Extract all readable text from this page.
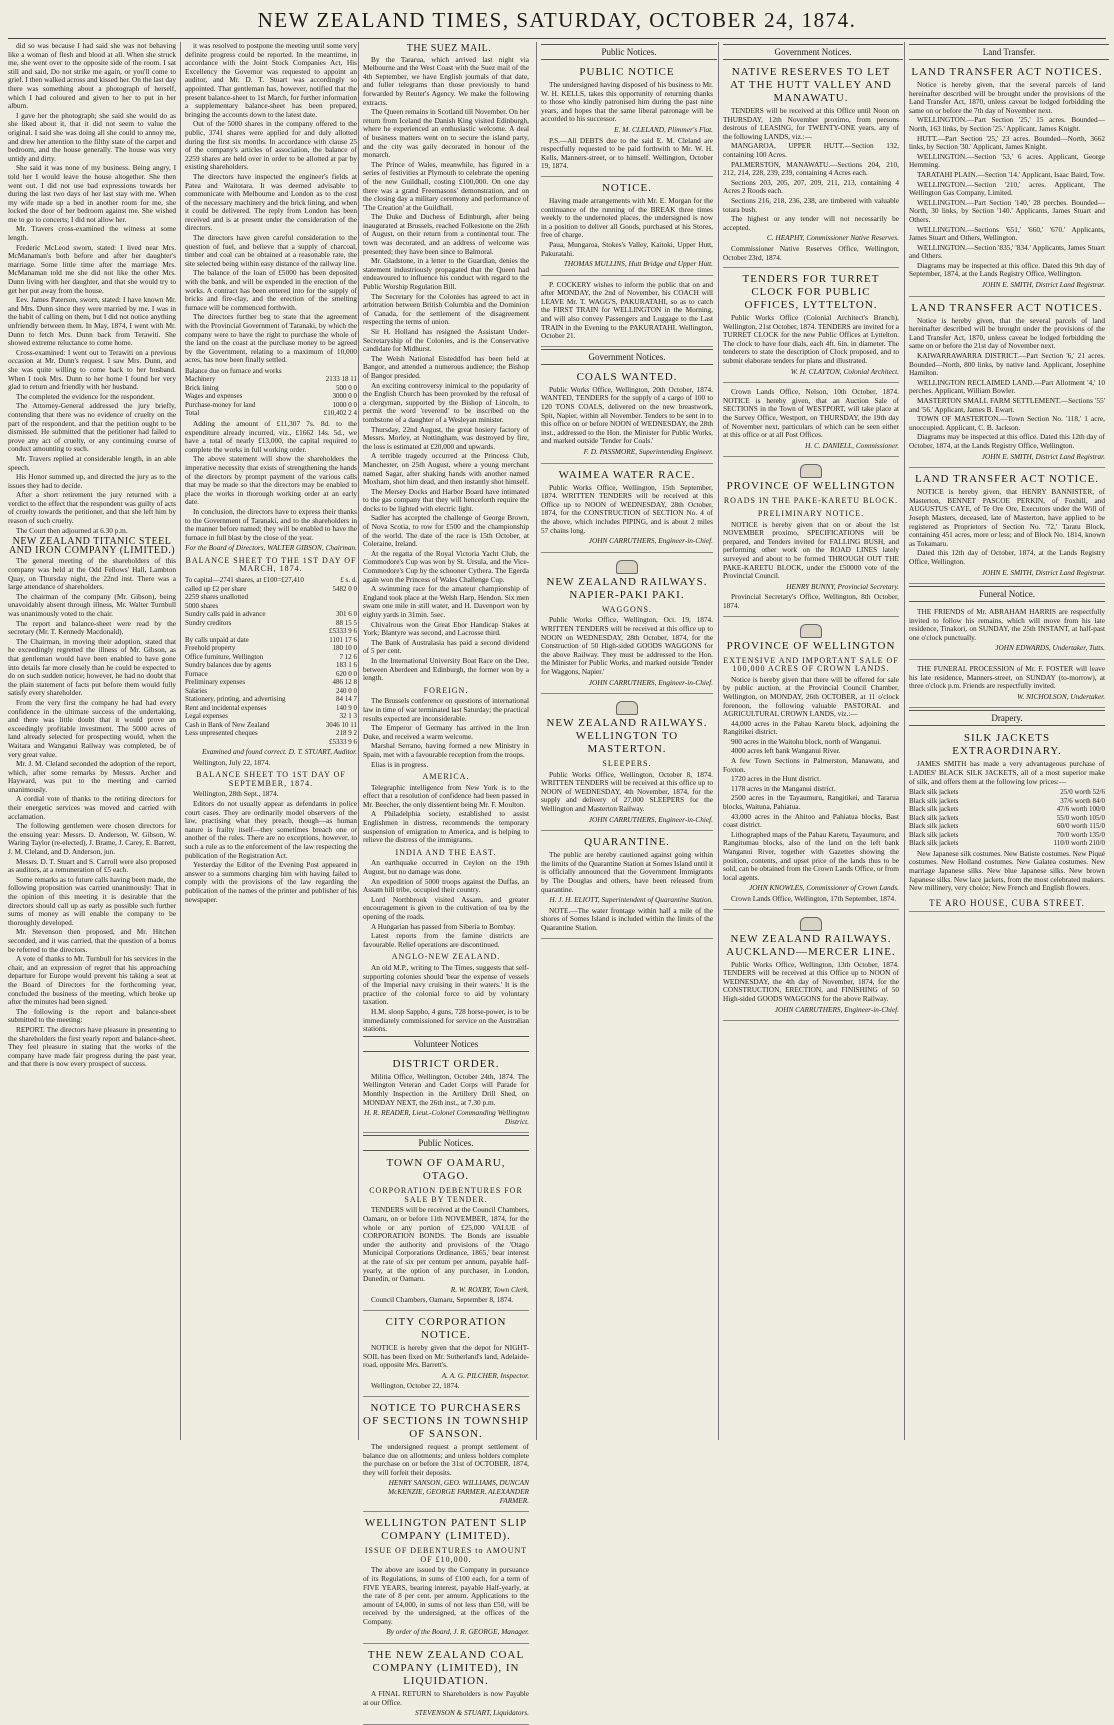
NEW ZEALAND TIMES, SATURDAY, OCTOBER 24, 1874.

did so was because I had said she was not behaving like a woman of flesh and blood at all. When she struck me, she went over to the opposite side of the room. I sat still and said, Do not strike me again, or you'll come to grief. I then walked across and kissed her. On the last day there was something about a photograph of herself, which I had coloured and given to her to put in her album.

I gave her the photograph; she said she would do as she liked about it, that it did not seem to value the original. I said she was doing all she could to annoy me, and drew her attention to the filthy state of the carpet and bedroom, and the house generally. The house was very untidy and dirty.

She said it was none of my business. Being angry, I told her I would leave the house altogether. She then went out. I did not use bad expressions towards her during the last two days of her last stay with me. When my wife made up a bed in another room for me, she locked the door of her bedroom against me. She wished me to go to concerts; I did not allow her.

Mr. Travers cross-examined the witness at some length.

Frederic McLeod sworn, stated: I lived near Mrs. McManaman's both before and after her daughter's marriage. Some little time after the marriage Mrs. McManaman told me she did not like the other Mrs. Dunn living with her daughter, and that she would try to get her put away from the house.

Eev. James Paterson, sworn, stated: I have known Mr. and Mrs. Dunn since they were married by me. I was in the habit of calling on them, but I did not notice anything unfriendly between them. In May, 1874, I went with Mr. Dunn to fetch Mrs. Dunn back from Terawiti. She showed extreme reluctance to come home.

Cross-examined: I went out to Terawiti on a previous occasion at Mr. Dunn's request. I saw Mrs. Dunn, and she was quite willing to come back to her husband. When I took Mrs. Dunn to her home I found her very glad to return and friendly with her husband.

The completed the evidence for the respondent.

The Attorney-General addressed the jury briefly, contending that there was no evidence of cruelty on the part of the respondent, and that the petition ought to be dismissed. He submitted that the petitioner had failed to prove any act of cruelty, or any continuing course of conduct amounting to such.

Mr. Travers replied at considerable length, in an able speech.

His Honor summed up, and directed the jury as to the issues they had to decide.

After a short retirement the jury returned with a verdict to the effect that the respondent was guilty of acts of cruelty towards the petitioner, and that she left him by reason of such cruelty.

The Court then adjourned at 6.30 p.m.

NEW ZEALAND TITANIC STEEL AND IRON COMPANY (LIMITED.)

The general meeting of the shareholders of this company was held at the Odd Fellows' Hall, Lambton Quay, on Thursday night, the 22nd inst. There was a large attendance of shareholders.

The chairman of the company (Mr. Gibson), being unavoidably absent through illness, Mr. Walter Turnbull was unanimously voted to the chair.

The report and balance-sheet were read by the secretary (Mr. T. Kennedy Macdonald).

The Chairman, in moving their adoption, stated that he exceedingly regretted the illness of Mr. Gibson, as that gentleman would have been enabled to have gone into details far more closely than he could be expected to do on such sudden notice; however, he had no doubt that the plain statement of facts put before them would fully satisfy every shareholder.

From the very first the company he had had every confidence in the ultimate success of the undertaking, and there was little doubt that it would prove an exceedingly profitable investment. The 5000 acres of land already selected for prospecting would, when the Waitara and Wanganui Railway was completed, be of very great value.

Mr. J. M. Cleland seconded the adoption of the report, which, after some remarks by Messrs. Archer and Hayward, was put to the meeting and carried unanimously.

A cordial vote of thanks to the retiring directors for their energetic services was moved and carried with acclamation.

The following gentlemen were chosen directors for the ensuing year: Messrs. D. Anderson, W. Gibson, W. Waring Taylor (re-elected), J. Brame, J. Carey, E. Barrett, J. M. Cleland, and D. Anderson, jun.

Messrs. D. T. Stuart and S. Carroll were also proposed as auditors, at a remuneration of £5 each.

Some remarks as to future calls having been made, the following proposition was carried unanimously: That in the opinion of this meeting it is desirable that the directors should call up as early as possible such further sums of money as will enable the company to be thoroughly developed.

Mr. Stevenson then proposed, and Mr. Hitchen seconded, and it was carried, that the question of a bonus be referred to the directors.

A vote of thanks to Mr. Turnbull for his services in the chair, and an expression of regret that his approaching departure for Europe would prevent his taking a seat at the Board of Directors for the forthcoming year, concluded the business of the meeting, which broke up after the minutes had been signed.

The following is the report and balance-sheet submitted to the meeting:

REPORT. The directors have pleasure in presenting to the shareholders the first yearly report and balance-sheet. They feel pleasure in stating that the works of the company have made fair progress during the past year, and that there is now every prospect of success.

it was resolved to postpone the meeting until some very definite progress could be reported. In the meantime, in accordance with the Joint Stock Companies Act, His Excellency the Governor was requested to appoint an auditor, and Mr. D. T. Stuart was accordingly so appointed. That gentleman has, however, notified that the present balance-sheet to 1st March, for further information a supplementary balance-sheet has been prepared, bringing the accounts down to the latest date.

Out of the 5000 shares in the company offered to the public, 3741 shares were applied for and duly allotted during the first six months. In accordance with clause 25 of the company's articles of association, the balance of 2259 shares are held over in order to be allotted at par by existing shareholders.

The directors have inspected the engineer's fields at Patea and Waitotara. It was deemed advisable to communicate with Melbourne and London as to the cost of the necessary machinery and the brick lining, and when it could be delivered. The reply from London has been received and is at present under the consideration of the directors.

The directors have given careful consideration to the question of fuel, and believe that a supply of charcoal, timber and coal can be obtained at a reasonable rate, the site selected being within easy distance of the railway line.

The balance of the loan of £5000 has been deposited with the bank, and will be expended in the erection of the works. A contract has been entered into for the supply of bricks and fire-clay, and the erection of the smelting furnace will be commenced forthwith.

The directors further beg to state that the agreement with the Provincial Government of Taranaki, by which the company were to have the right to purchase the whole of the land on the coast at the purchase money to be agreed by the Government, relating to a maximum of 10,000 acres, has now been finally settled.

Balance due on furnace and works
Machinery	2133 18 11
Brick lining	500 0 0
Wages and expenses	3000 0 0
Purchase-money for land	1000 0 0
Total	£10,402 2 4

Adding the amount of £11,307 7s. 8d. to the expenditure already incurred, viz., £1662 14s. 5d., we have a total of nearly £13,000, the capital required to complete the works in full working order.

The above statement will show the shareholders the imperative necessity that exists of strengthening the hands of the directors by prompt payment of the various calls that may be made so that the directors may be enabled to place the works in thorough working order at an early date.

In conclusion, the directors have to express their thanks to the Government of Taranaki, and to the shareholders in the manner before named; they will be enabled to have the furnace in full blast by the close of the year.

For the Board of Directors, WALTER GIBSON, Chairman.
BALANCE SHEET TO THE 1ST DAY OF MARCH, 1874.
To capital—2741 shares, at £100=£27,410	£ s. d.
called up £2 per share	5482 0 0
2259 shares unallotted
5000 shares
Sundry calls paid in advance	301 6 0
Sundry creditors	88 15 5
£5333 9 6
By calls unpaid at date	1101 17 6
Freehold property	180 10 0
Office furniture, Wellington	7 12 6
Sundry balances due by agents	183 1 6
Furnace	620 0 0
Preliminary expenses	486 12 8
Salaries	240 0 0
Stationery, printing, and advertising	84 14 7
Rent and incidental expenses	140 9 0
Legal expenses	32 1 3
Cash in Bank of New Zealand	3046 10 11
Less unpresented cheques	218 9 2
£5333 9 6
Examined and found correct. D. T. STUART, Auditor.

Wellington, July 22, 1874.

BALANCE SHEET TO 1ST DAY OF SEPTEMBER, 1874.

Wellington, 28th Sept., 1874.

Editors do not usually appear as defendants in police court cases. They are ordinarily model observers of the law, practising what they preach, though—as human nature is frailty itself—they sometimes breach one or another of the rules. There are no exceptions, however, to such a rule as to the enforcement of the law respecting the publication of the Registration Act.

Yesterday the Editor of the Evening Post appeared in answer to a summons charging him with having failed to comply with the provisions of the law regarding the publication of the names of the printer and publisher of his newspaper.

THE SUEZ MAIL.

By the Tararua, which arrived last night via Melbourne and the West Coast with the Suez mail of the 4th September, we have English journals of that date, and fuller telegrams than those previously to hand forwarded by Reuter's Agency. We make the following extracts.

The Queen remains in Scotland till November. On her return from Iceland the Danish King visited Edinburgh, where he experienced an enthusiastic welcome. A deal of business matters went on to secure the island party, and the city was gaily decorated in honour of the monarch.

The Prince of Wales, meanwhile, has figured in a series of festivities at Plymouth to celebrate the opening of the new Guildhall, costing £100,000. On one day there was a grand Freemasons' demonstration, and on the closing day a military ceremony and performance of 'The Creation' at the Guildhall.

The Duke and Duchess of Edinburgh, after being inaugurated at Brussels, reached Folkestone on the 26th of August, on their return from a continental tour. The town was decorated, and an address of welcome was presented; they have been since to Balmoral.

Mr. Gladstone, in a letter to the Guardian, denies the statement industriously propagated that the Queen had endeavoured to influence his conduct with regard to the Public Worship Regulation Bill.

The Secretary for the Colonies has agreed to act in arbitration between British Columbia and the Dominion of Canada, for the settlement of the disagreement respecting the terms of union.

Sir H. Holland has resigned the Assistant Under-Secretaryship of the Colonies, and is the Conservative candidate for Midhurst.

The Welsh National Eisteddfod has been held at Bangor, and attended a numerous audience; the Bishop of Bangor presided.

An exciting controversy inimical to the popularity of the English Church has been provoked by the refusal of a clergyman, supported by the Bishop of Lincoln, to permit the word 'reverend' to be inscribed on the tombstone of a daughter of a Wesleyan minister.

Thursday, 22nd August, the great hosiery factory of Messrs. Morley, at Nottingham, was destroyed by fire, the loss is estimated at £20,000 and upwards.

A terrible tragedy occurred at the Princess Club, Manchester, on 25th August, where a young merchant named Sagar, after shaking hands with another named Moxham, shot him dead, and then instantly shot himself.

The Mersey Docks and Harbor Board have intimated to the gas company that they will henceforth require the docks to be lighted with electric light.

Sadler has accepted the challenge of George Brown, of Nova Scotia, to row for £500 and the championship of the world. The date of the race is 15th October, at Coleraine, Ireland.

At the regatta of the Royal Victoria Yacht Club, the Commodore's Cup was won by St. Ursula, and the Vice-Commodore's Cup by the schooner Cythera. The Egerda again won the Princess of Wales Challenge Cup.

A swimming race for the amateur championship of England took place at the Welsh Harp, Hendon. Six men swam one mile in still water, and H. Davenport won by eighty yards in 31min. 5sec.

Chivalrous won the Great Ebor Handicap Stakes at York; Blantyre was second, and Lacrosse third.

The Bank of Australasia has paid a second dividend of 5 per cent.

In the International University Boat Race on the Dee, between Aberdeen and Edinburgh, the former won by a length.

FOREIGN.

The Brussels conference on questions of international law in time of war terminated last Saturday; the practical results expected are inconsiderable.

The Emperor of Germany has arrived in the Iron Duke, and received a warm welcome.

Marshal Serrano, having formed a new Ministry in Spain, met with a favourable reception from the troops.

Elias is in progress.

AMERICA.

Telegraphic intelligence from New York is to the effect that a resolution of confidence had been passed in Mr. Beecher, the only dissentient being Mr. F. Moulton.

A Philadelphia society, established to assist Englishmen in distress, recommends the temporary suspension of emigration to America, and is helping to relieve the distress of the immigrants.

INDIA AND THE EAST.

An earthquake occurred in Ceylon on the 19th August, but no damage was done.

An expedition of 5000 troops against the Duffas, an Assam hill tribe, occupied their country.

Lord Northbrook visited Assam, and greater encouragement is given to the cultivation of tea by the opening of the roads.

A Hungarian has passed from Siberia to Bombay.

Latest reports from the famine districts are favourable. Relief operations are discontinued.

ANGLO-NEW ZEALAND.

An old M.P., writing to The Times, suggests that self-supporting colonies should 'bear the expense of vessels of the Imperial navy cruising in their waters.' It is the practice of the colonial force to aid by voluntary taxation.

H.M. sloop Sappho, 4 guns, 728 horse-power, is to be immediately commissioned for service on the Australian stations.

Volunteer Notices
DISTRICT ORDER.

Militia Office, Wellington, October 24th, 1874. The Wellington Veteran and Cadet Corps will Parade for Monthly Inspection in the Artillery Drill Shed, on MONDAY NEXT, the 26th inst., at 7.30 p.m.

H. R. READER, Lieut.-Colonel Commanding Wellington District.
Public Notices.
TOWN OF OAMARU, OTAGO.
CORPORATION DEBENTURES FOR SALE BY TENDER.

TENDERS will be received at the Council Chambers, Oamaru, on or before 11th NOVEMBER, 1874, for the whole or any portion of £25,000 VALUE of CORPORATION BONDS. The Bonds are issuable under the authority and provisions of the 'Otago Municipal Corporations Ordinance, 1865,' bear interest at the rate of six per centum per annum, payable half-yearly, at the option of any purchaser, in London, Dunedin, or Oamaru.

R. W. ROXBY, Town Clerk.

Council Chambers, Oamaru, September 8, 1874.

CITY CORPORATION NOTICE.

NOTICE is hereby given that the depot for NIGHT-SOIL has been fixed on Mr. Sutherland's land, Adelaide-road, opposite Mrs. Barrett's.

A. A. G. PILCHER, Inspector.

Wellington, October 22, 1874.

NOTICE TO PURCHASERS OF SECTIONS IN TOWNSHIP OF SANSON.

The undersigned request a prompt settlement of balance due on allotments; and unless holders complete the purchase on or before the 31st of OCTOBER, 1874, they will forfeit their deposits.

HENRY SANSON, GEO. WILLIAMS, DUNCAN McKENZIE, GEORGE FARMER, ALEXANDER FARMER.
WELLINGTON PATENT SLIP COMPANY (LIMITED).
ISSUE OF DEBENTURES to AMOUNT OF £10,000.

The above are issued by the Company in pursuance of its Regulations, in sums of £100 each, for a term of FIVE YEARS, bearing interest, payable Half-yearly, at the rate of 8 per cent. per annum. Applications to the amount of £4,000, in sums of not less than £50, will be received by the undersigned, at the offices of the Company.

By order of the Board, J. R. GEORGE, Manager.
THE NEW ZEALAND COAL COMPANY (LIMITED), IN LIQUIDATION.

A FINAL RETURN to Shareholders is now Payable at our Office.

STEVENSON & STUART, Liquidators.
Public Notices.
PUBLIC NOTICE

The undersigned having disposed of his business to Mr. W. H. KELLS, takes this opportunity of returning thanks to those who kindly patronised him during the past nine years, and hopes that the same liberal patronage will be accorded to his successor.

E. M. CLELAND, Plimmer's Flat.

P.S.—All DEBTS due to the said E. M. Cleland are respectfully requested to be paid forthwith to Mr. W. H. Kells, Manners-street, or to himself. Wellington, October 19, 1874.

NOTICE.

Having made arrangements with Mr. E. Morgan for the continuance of the running of the BREAK three times weekly to the undernoted places, the undersigned is now in a position to deliver all Goods, purchased at his Stores, free of charge.

Paua, Mungaroa, Stokes's Valley, Kaitoki, Upper Hutt, Pakuratahi.

THOMAS MULLINS, Hutt Bridge and Upper Hutt.

P. COCKERY wishes to inform the public that on and after MONDAY, the 2nd of November, his COACH will LEAVE Mr. T. WAGG'S, PAKURATAHI, so as to catch the FIRST TRAIN for WELLINGTON in the Morning, and will also convey Passengers and Luggage to the Last TRAIN in the Evening to the PAKURATAHI. Wellington, October 21.

Government Notices.
COALS WANTED.

Public Works Office, Wellington, 20th October, 1874. WANTED, TENDERS for the supply of a cargo of 100 to 120 TONS COALS, delivered on the new breastwork, Spit, Napier, within all November. Tenders to be sent in to this office on or before NOON of WEDNESDAY, the 28th inst., addressed to the Hon. the Minister for Public Works, and marked outside 'Tender for Coals.'

F. D. PASSMORE, Superintending Engineer.
WAIMEA WATER RACE.

Public Works Office, Wellington, 15th September, 1874. WRITTEN TENDERS will be received at this Office up to NOON of WEDNESDAY, 28th October, 1874, for the CONSTRUCTION of SECTION No. 4 of the above, which includes PIPING, and is about 2 miles 57 chains long.

JOHN CARRUTHERS, Engineer-in-Chief.
NEW ZEALAND RAILWAYS. NAPIER-PAKI PAKI.
WAGGONS.

Public Works Office, Wellington, Oct. 19, 1874. WRITTEN TENDERS will be received at this office up to NOON on WEDNESDAY, 28th October, 1874, for the Construction of 50 High-sided GOODS WAGGONS for the above Railway. They must be addressed to the Hon. the Minister for Public Works, and marked outside 'Tender for Waggons, Napier.'

JOHN CARRUTHERS, Engineer-in-Chief.
NEW ZEALAND RAILWAYS. WELLINGTON TO MASTERTON.
SLEEPERS.

Public Works Office, Wellington, October 8, 1874. WRITTEN TENDERS will be received at this office up to NOON of WEDNESDAY, 4th November, 1874, for the supply and delivery of 27,000 SLEEPERS for the Wellington and Masterton Railway.

JOHN CARRUTHERS, Engineer-in-Chief.
QUARANTINE.

The public are hereby cautioned against going within the limits of the Quarantine Station at Somes Island until it is officially announced that the Government Immigrants by The Douglas and others, have been released from quarantine.

H. J. H. ELIOTT, Superintendent of Quarantine Station.

NOTE.—The water frontage within half a mile of the shores of Somes Island is included within the limits of the Quarantine Station.

Government Notices.
NATIVE RESERVES TO LET AT THE HUTT VALLEY AND MANAWATU.

TENDERS will be received at this Office until Noon on THURSDAY, 12th November proximo, from persons desirous of LEASING, for TWENTY-ONE years, any of the following LANDS, viz.:—

MANGAROA, UPPER HUTT.—Section 132, containing 100 Acres.

PALMERSTON, MANAWATU.—Sections 204, 210, 212, 214, 228, 239, 239, containing 4 Acres each.

Sections 203, 205, 207, 209, 211, 213, containing 4 Acres 2 Roods each.

Sections 216, 218, 236, 238, are timbered with valuable totara bush.

The highest or any tender will not necessarily be accepted.

C. HEAPHY, Commissioner Native Reserves.

Commissioner Native Reserves Office, Wellington, October 23rd, 1874.

TENDERS FOR TURRET CLOCK FOR PUBLIC OFFICES, LYTTELTON.

Public Works Office (Colonial Architect's Branch), Wellington, 21st October, 1874. TENDERS are invited for a TURRET CLOCK for the new Public Offices at Lyttelton. The clock to have four dials, each 4ft. 6in. in diameter. The tenderers to state the description of Clock proposed, and to submit elaborate tenders for plans and illustrated.

W. H. CLAYTON, Colonial Architect.

Crown Lands Office, Nelson, 10th October, 1874. NOTICE is hereby given, that an Auction Sale of SECTIONS in the Town of WESTPORT, will take place at the Survey Office, Westport, on THURSDAY, the 19th day of November next, particulars of which can be seen either at this office or at all Post Offices.

H. C. DANIELL, Commissioner.
PROVINCE OF WELLINGTON
ROADS IN THE PAKE-KARETU BLOCK.
PRELIMINARY NOTICE.

NOTICE is hereby given that on or about the 1st NOVEMBER proximo, SPECIFICATIONS will be prepared, and Tenders invited for FALLING BUSH, and performing other work on the ROAD LINES lately surveyed and about to be formed THROUGH OUT THE PAKE-KARETU BLOCK, under the £50000 vote of the Provincial Council.

HENRY BUNNY, Provincial Secretary.

Provincial Secretary's Office, Wellington, 8th October, 1874.

PROVINCE OF WELLINGTON
EXTENSIVE AND IMPORTANT SALE OF 100,000 ACRES OF CROWN LANDS.

Notice is hereby given that there will be offered for sale by public auction, at the Provincial Council Chamber, Wellington, on MONDAY, 26th OCTOBER, at 11 o'clock forenoon, the following valuable PASTORAL and AGRICULTURAL CROWN LANDS, viz.:—

44,000 acres in the Pahau Karetu block, adjoining the Rangitikei district.

900 acres in the Waitohu block, north of Wanganui.

4000 acres left bank Wanganui River.

A few Town Sections in Palmerston, Manawatu, and Foxton.

1720 acres in the Hunt district.

1178 acres in the Manganui district.

2500 acres in the Tayaumuru, Rangitikei, and Tararua blocks, Waituna, Pahiatua.

43,000 acres in the Ahitoo and Pahiatua blocks, Bast coast district.

Lithographed maps of the Pahau Karetu, Tayaumuru, and Rangitumau blocks, also of the land on the left bank Wanganui River, together with Gazettes showing the position, contents, and upset price of the lands thus to be sold, can be obtained from the Crown Lands Office, or from local agents.

JOHN KNOWLES, Commissioner of Crown Lands.

Crown Lands Office, Wellington, 17th September, 1874.

NEW ZEALAND RAILWAYS. AUCKLAND—MERCER LINE.

Public Works Office, Wellington, 13th October, 1874. TENDERS will be received at this Office up to NOON of WEDNESDAY, the 4th day of November, 1874, for the CONSTRUCTION, ERECTION, and FINISHING of 50 High-sided GOODS WAGGONS for the above Railway.

JOHN CARRUTHERS, Engineer-in-Chief.
Land Transfer.
LAND TRANSFER ACT NOTICES.

Notice is hereby given, that the several parcels of land hereinafter described will be brought under the provisions of the Land Transfer Act, 1870, unless caveat be lodged forbidding the same on or before the 7th day of November next.

WELLINGTON.—Part Section '25,' 15 acres. Bounded—North, 163 links, by Section '25.' Applicant, James Knight.

HUTT.—Part Section '25,' 23 acres. Bounded—North, 3662 links, by Section '30.' Applicant, James Knight.

WELLINGTON.—Section '53,' 6 acres. Applicant, George Hemming.

TARATAHI PLAIN.—Section '14.' Applicant, Isaac Baird, Tow.

WELLINGTON.—Section '210,' acres. Applicant, The Wellington Gas Company, Limited.

WELLINGTON.—Part Section '140,' 28 perches. Bounded—North, 30 links, by Section '140.' Applicants, James Stuart and Others.

WELLINGTON.—Sections '651,' '660,' '670.' Applicants, James Stuart and Others, Wellington.

WELLINGTON.—Section '835,' '834.' Applicants, James Stuart and Others.

Diagrams may be inspected at this office. Dated this 9th day of September, 1874, at the Lands Registry Office, Wellington.

JOHN E. SMITH, District Land Registrar.
LAND TRANSFER ACT NOTICES.

Notice is hereby given, that the several parcels of land hereinafter described will be brought under the provisions of the Land Transfer Act, 1870, unless caveat be lodged forbidding the same on or before the 21st day of November next.

KAIWARRAWARRA DISTRICT.—Part Section '6,' 21 acres. Bounded—North, 800 links, by native land. Applicant, Josephine Hamilton.

WELLINGTON RECLAIMED LAND.—Part Allotment '4,' 10 perches. Applicant, William Bowler.

MASTERTON SMALL FARM SETTLEMENT.—Sections '55' and '56.' Applicant, James B. Ewart.

TOWN OF MASTERTON.—Town Section No. '118,' 1 acre, unoccupied. Applicant, C. B. Jackson.

Diagrams may be inspected at this office. Dated this 12th day of October, 1874, at the Lands Registry Office, Wellington.

JOHN E. SMITH, District Land Registrar.
LAND TRANSFER ACT NOTICE.

NOTICE is hereby given, that HENRY BANNISTER, of Masterton, BENNET PASCOE PERKIN, of Foxhill, and AUGUSTUS CAYE, of Te Ore Ore, Executors under the Will of Joseph Masters, deceased, late of Masterton, have applied to be registered as Proprietors of Section No. '72,' Taratu Block, containing 451 acres, more or less; and of Block No. 1814, known as Tokamaru.

Dated this 12th day of October, 1874, at the Lands Registry Office, Wellington.

JOHN E. SMITH, District Land Registrar.
Funeral Notice.

THE FRIENDS of Mr. ABRAHAM HARRIS are respectfully invited to follow his remains, which will move from his late residence, Tinakori, on SUNDAY, the 25th INSTANT, at half-past one o'clock punctually.

JOHN EDWARDS, Undertaker, Tutts.

THE FUNERAL PROCESSION of Mr. F. FOSTER will leave his late residence, Manners-street, on SUNDAY (to-morrow), at three o'clock p.m. Friends are respectfully invited.

W. NICHOLSON, Undertaker.
Drapery.
SILK JACKETS EXTRAORDINARY.

JAMES SMITH has made a very advantageous purchase of LADIES' BLACK SILK JACKETS, all of a most superior make of silk, and offers them at the following low prices:—

Black silk jackets	25/0 worth 52/6
Black silk jackets	37/6 worth 84/0
Black silk jackets	47/6 worth 100/0
Black silk jackets	55/0 worth 105/0
Black silk jackets	60/0 worth 115/0
Black silk jackets	70/0 worth 135/0
Black silk jackets	110/0 worth 210/0

New Japanese silk costumes. New Batiste costumes. New Piqué costumes. New Holland costumes. New Galatea costumes. New marriage Japanese silks. New blue Japanese silks. New brown Japanese silks. New lace jackets, from the most celebrated makers. New millinery, very choice; New French and English flowers.

TE ARO HOUSE, CUBA STREET.
